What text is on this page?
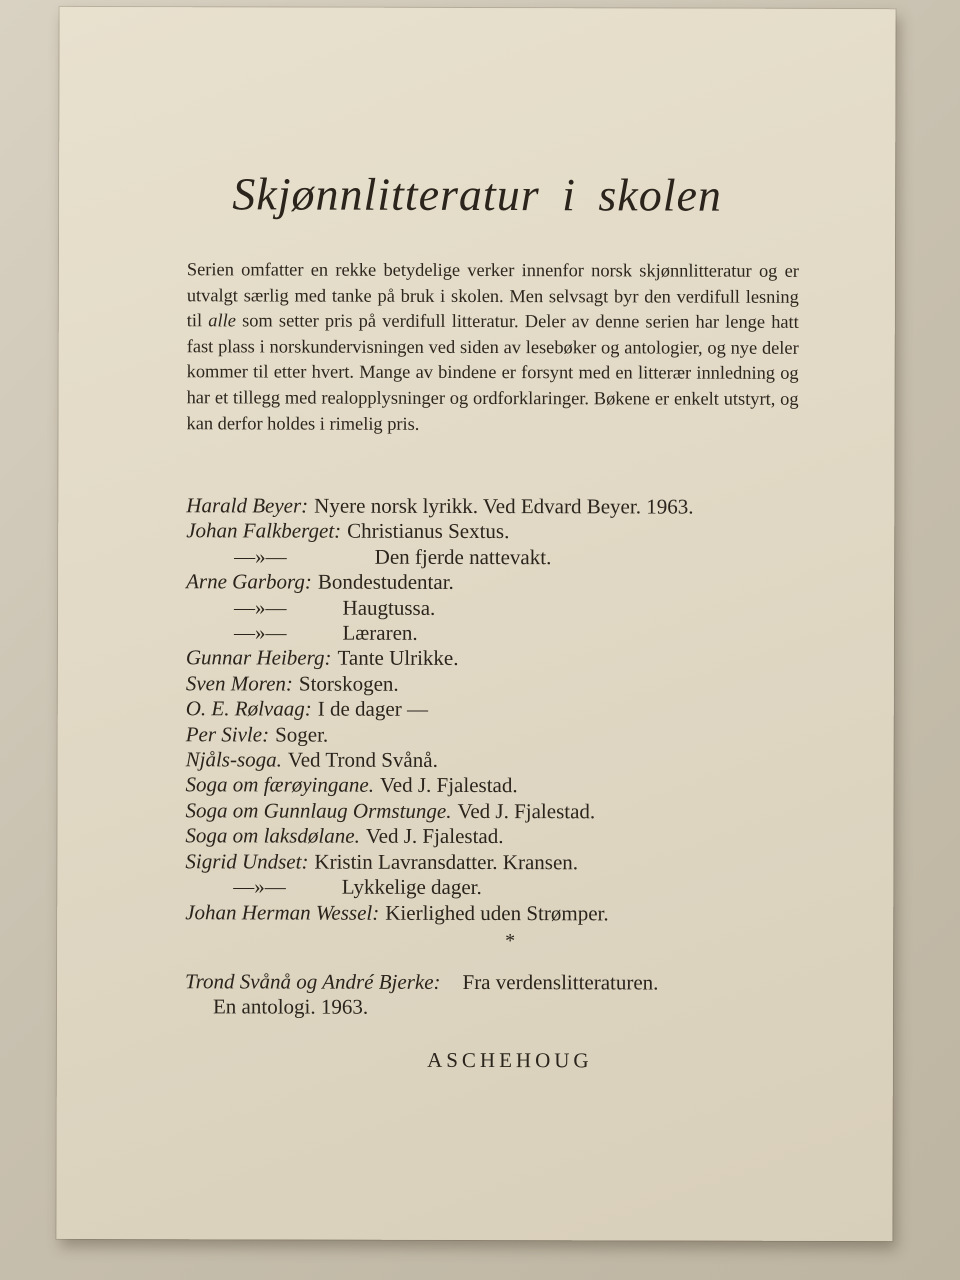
Skjønnlitteratur i skolen

Serien omfatter en rekke betydelige verker innenfor norsk skjønnlitteratur og er utvalgt særlig med tanke på bruk i skolen. Men selvsagt byr den verdifull lesning til alle som setter pris på verdifull litteratur. Deler av denne serien har lenge hatt fast plass i norskundervisningen ved siden av lesebøker og antologier, og nye deler kommer til etter hvert. Mange av bindene er forsynt med en litterær innledning og har et tillegg med realopplysninger og ordforklaringer. Bøkene er enkelt utstyrt, og kan derfor holdes i rimelig pris.

Harald Beyer: Nyere norsk lyrikk. Ved Edvard Beyer. 1963.
Johan Falkberget: Christianus Sextus.
—»—	Den fjerde nattevakt.
Arne Garborg: Bondestudentar.
—»—	Haugtussa.
—»—	Læraren.
Gunnar Heiberg: Tante Ulrikke.
Sven Moren: Storskogen.
O. E. Rølvaag: I de dager —
Per Sivle: Soger.
Njåls-soga. Ved Trond Svånå.
Soga om færøyingane. Ved J. Fjalestad.
Soga om Gunnlaug Ormstunge. Ved J. Fjalestad.
Soga om laksdølane. Ved J. Fjalestad.
Sigrid Undset: Kristin Lavransdatter. Kransen.
—»—	Lykkelige dager.
Johan Herman Wessel: Kierlighed uden Strømper.
*
Trond Svånå og André Bjerke: Fra verdenslitteraturen.
En antologi. 1963.
ASCHEHOUG
